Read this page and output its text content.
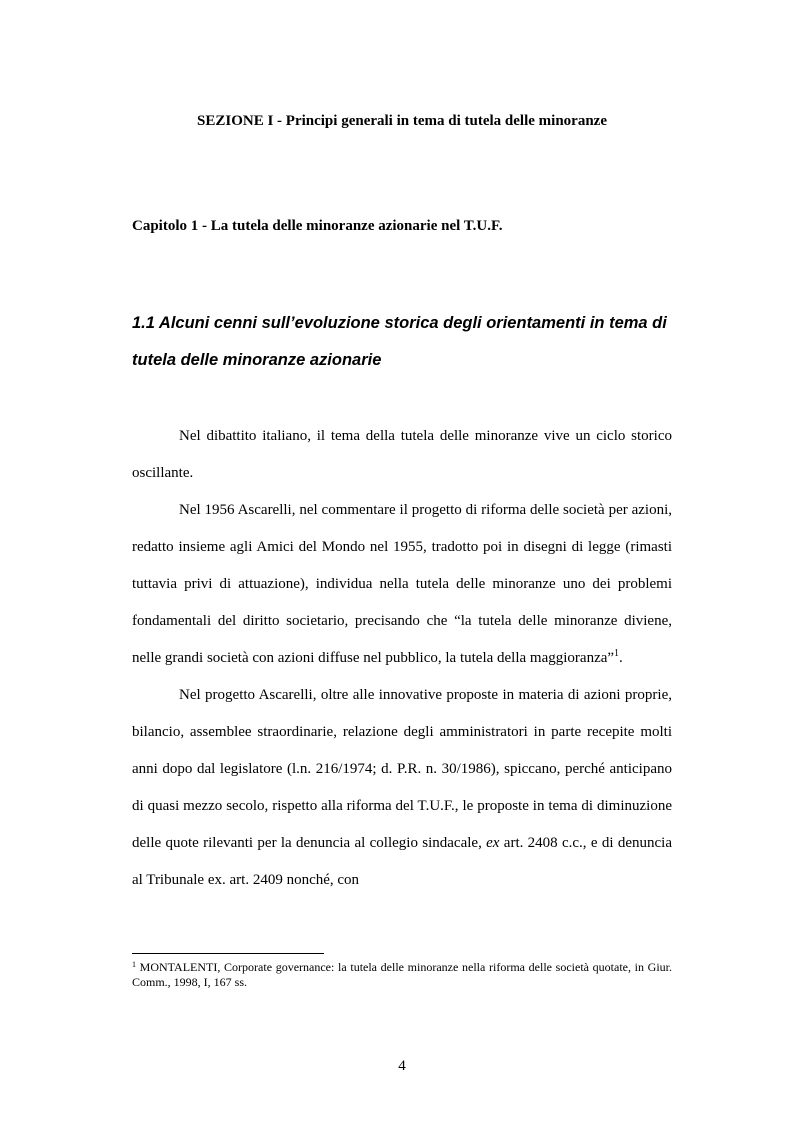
SEZIONE I - Principi generali in tema di tutela delle minoranze
Capitolo 1 - La tutela delle minoranze azionarie nel T.U.F.
1.1 Alcuni cenni sull’evoluzione storica degli orientamenti in tema di tutela delle minoranze azionarie

Nel dibattito italiano, il tema della tutela delle minoranze vive un ciclo storico oscillante.

Nel 1956 Ascarelli, nel commentare il progetto di riforma delle società per azioni, redatto insieme agli Amici del Mondo nel 1955, tradotto poi in disegni di legge (rimasti tuttavia privi di attuazione), individua nella tutela delle minoranze uno dei problemi fondamentali del diritto societario, precisando che “la tutela delle minoranze diviene, nelle grandi società con azioni diffuse nel pubblico, la tutela della maggioranza”$^1$.

Nel progetto Ascarelli, oltre alle innovative proposte in materia di azioni proprie, bilancio, assemblee straordinarie, relazione degli amministratori in parte recepite molti anni dopo dal legislatore (l.n. 216/1974; d. P.R. n. 30/1986), spiccano, perché anticipano di quasi mezzo secolo, rispetto alla riforma del T.U.F., le proposte in tema di diminuzione delle quote rilevanti per la denuncia al collegio sindacale, ex art. 2408 c.c., e di denuncia al Tribunale ex. art. 2409 nonché, con

$^1$ MONTALENTI, Corporate governance: la tutela delle minoranze nella riforma delle società quotate, in Giur. Comm., 1998, I, 167 ss.
4
